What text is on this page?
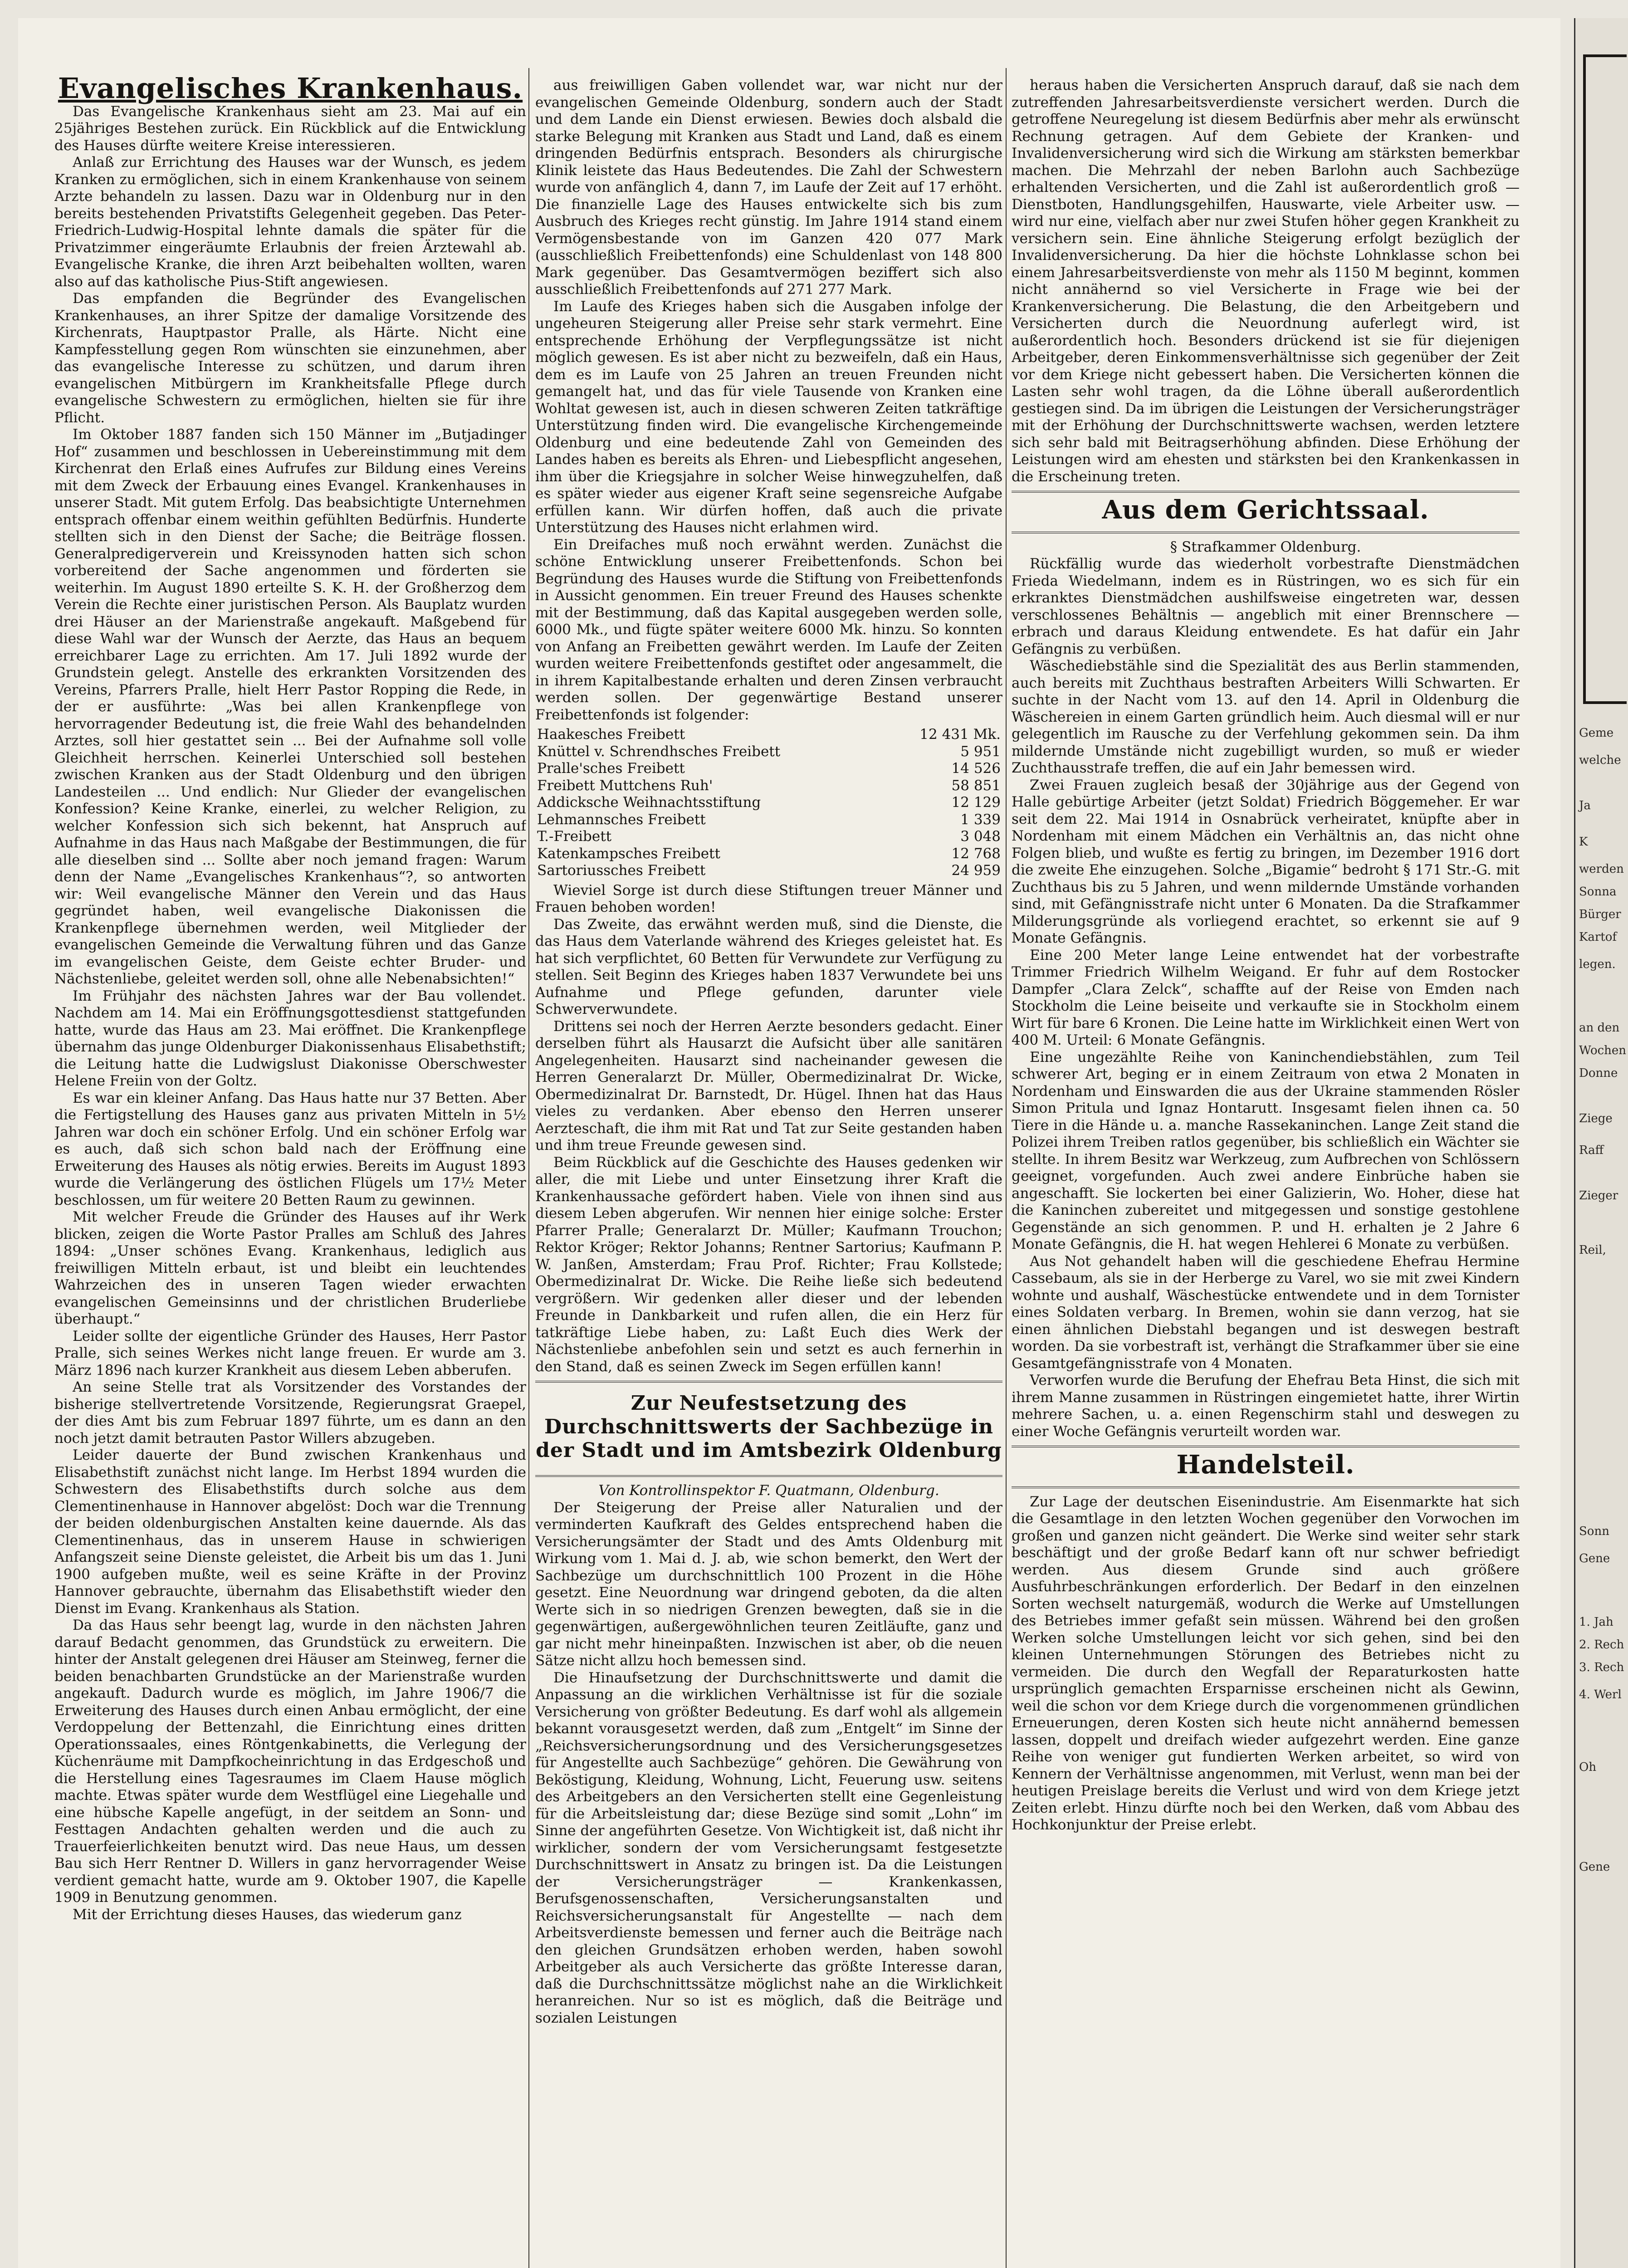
Evangelisches Krankenhaus.

Das Evangelische Krankenhaus sieht am 23. Mai auf ein 25jähriges Bestehen zurück. Ein Rückblick auf die Entwicklung des Hauses dürfte weitere Kreise interessieren.

Anlaß zur Errichtung des Hauses war der Wunsch, es jedem Kranken zu ermöglichen, sich in einem Krankenhause von seinem Arzte behandeln zu lassen. Dazu war in Oldenburg nur in den bereits bestehenden Privatstifts Gelegenheit gegeben. Das Peter-Friedrich-Ludwig-Hospital lehnte damals die später für die Privatzimmer eingeräumte Erlaubnis der freien Ärztewahl ab. Evangelische Kranke, die ihren Arzt beibehalten wollten, waren also auf das katholische Pius-Stift angewiesen.

Das empfanden die Begründer des Evangelischen Krankenhauses, an ihrer Spitze der damalige Vorsitzende des Kirchenrats, Hauptpastor Pralle, als Härte. Nicht eine Kampfesstellung gegen Rom wünschten sie einzunehmen, aber das evangelische Interesse zu schützen, und darum ihren evangelischen Mitbürgern im Krankheitsfalle Pflege durch evangelische Schwestern zu ermöglichen, hielten sie für ihre Pflicht.

Im Oktober 1887 fanden sich 150 Männer im „Butjadinger Hof“ zusammen und beschlossen in Uebereinstimmung mit dem Kirchenrat den Erlaß eines Aufrufes zur Bildung eines Vereins mit dem Zweck der Erbauung eines Evangel. Krankenhauses in unserer Stadt. Mit gutem Erfolg. Das beabsichtigte Unternehmen entsprach offenbar einem weithin gefühlten Bedürfnis. Hunderte stellten sich in den Dienst der Sache; die Beiträge flossen. Generalpredigerverein und Kreissynoden hatten sich schon vorbereitend der Sache angenommen und förderten sie weiterhin. Im August 1890 erteilte S. K. H. der Großherzog dem Verein die Rechte einer juristischen Person. Als Bauplatz wurden drei Häuser an der Marienstraße angekauft. Maßgebend für diese Wahl war der Wunsch der Aerzte, das Haus an bequem erreichbarer Lage zu errichten. Am 17. Juli 1892 wurde der Grundstein gelegt. Anstelle des erkrankten Vorsitzenden des Vereins, Pfarrers Pralle, hielt Herr Pastor Ropping die Rede, in der er ausführte: „Was bei allen Krankenpflege von hervorragender Bedeutung ist, die freie Wahl des behandelnden Arztes, soll hier gestattet sein ... Bei der Aufnahme soll volle Gleichheit herrschen. Keinerlei Unterschied soll bestehen zwischen Kranken aus der Stadt Oldenburg und den übrigen Landesteilen ... Und endlich: Nur Glieder der evangelischen Konfession? Keine Kranke, einerlei, zu welcher Religion, zu welcher Konfession sich sich bekennt, hat Anspruch auf Aufnahme in das Haus nach Maßgabe der Bestimmungen, die für alle dieselben sind ... Sollte aber noch jemand fragen: Warum denn der Name „Evangelisches Krankenhaus“?, so antworten wir: Weil evangelische Männer den Verein und das Haus gegründet haben, weil evangelische Diakonissen die Krankenpflege übernehmen werden, weil Mitglieder der evangelischen Gemeinde die Verwaltung führen und das Ganze im evangelischen Geiste, dem Geiste echter Bruder- und Nächstenliebe, geleitet werden soll, ohne alle Nebenabsichten!“

Im Frühjahr des nächsten Jahres war der Bau vollendet. Nachdem am 14. Mai ein Eröffnungsgottesdienst stattgefunden hatte, wurde das Haus am 23. Mai eröffnet. Die Krankenpflege übernahm das junge Oldenburger Diakonissenhaus Elisabethstift; die Leitung hatte die Ludwigslust Diakonisse Oberschwester Helene Freiin von der Goltz.

Es war ein kleiner Anfang. Das Haus hatte nur 37 Betten. Aber die Fertigstellung des Hauses ganz aus privaten Mitteln in 5½ Jahren war doch ein schöner Erfolg. Und ein schöner Erfolg war es auch, daß sich schon bald nach der Eröffnung eine Erweiterung des Hauses als nötig erwies. Bereits im August 1893 wurde die Verlängerung des östlichen Flügels um 17½ Meter beschlossen, um für weitere 20 Betten Raum zu gewinnen.

Mit welcher Freude die Gründer des Hauses auf ihr Werk blicken, zeigen die Worte Pastor Pralles am Schluß des Jahres 1894: „Unser schönes Evang. Krankenhaus, lediglich aus freiwilligen Mitteln erbaut, ist und bleibt ein leuchtendes Wahrzeichen des in unseren Tagen wieder erwachten evangelischen Gemeinsinns und der christlichen Bruderliebe überhaupt.“

Leider sollte der eigentliche Gründer des Hauses, Herr Pastor Pralle, sich seines Werkes nicht lange freuen. Er wurde am 3. März 1896 nach kurzer Krankheit aus diesem Leben abberufen.

An seine Stelle trat als Vorsitzender des Vorstandes der bisherige stellvertretende Vorsitzende, Regierungsrat Graepel, der dies Amt bis zum Februar 1897 führte, um es dann an den noch jetzt damit betrauten Pastor Willers abzugeben.

Leider dauerte der Bund zwischen Krankenhaus und Elisabethstift zunächst nicht lange. Im Herbst 1894 wurden die Schwestern des Elisabethstifts durch solche aus dem Clementinenhause in Hannover abgelöst: Doch war die Trennung der beiden oldenburgischen Anstalten keine dauernde. Als das Clementinenhaus, das in unserem Hause in schwierigen Anfangszeit seine Dienste geleistet, die Arbeit bis um das 1. Juni 1900 aufgeben mußte, weil es seine Kräfte in der Provinz Hannover gebrauchte, übernahm das Elisabethstift wieder den Dienst im Evang. Krankenhaus als Station.

Da das Haus sehr beengt lag, wurde in den nächsten Jahren darauf Bedacht genommen, das Grundstück zu erweitern. Die hinter der Anstalt gelegenen drei Häuser am Steinweg, ferner die beiden benachbarten Grundstücke an der Marienstraße wurden angekauft. Dadurch wurde es möglich, im Jahre 1906/7 die Erweiterung des Hauses durch einen Anbau ermöglicht, der eine Verdoppelung der Bettenzahl, die Einrichtung eines dritten Operationssaales, eines Röntgenkabinetts, die Verlegung der Küchenräume mit Dampfkocheinrichtung in das Erdgeschoß und die Herstellung eines Tagesraumes im Claem Hause möglich machte. Etwas später wurde dem Westflügel eine Liegehalle und eine hübsche Kapelle angefügt, in der seitdem an Sonn- und Festtagen Andachten gehalten werden und die auch zu Trauerfeierlichkeiten benutzt wird. Das neue Haus, um dessen Bau sich Herr Rentner D. Willers in ganz hervorragender Weise verdient gemacht hatte, wurde am 9. Oktober 1907, die Kapelle 1909 in Benutzung genommen.

Mit der Errichtung dieses Hauses, das wiederum ganz

aus freiwilligen Gaben vollendet war, war nicht nur der evangelischen Gemeinde Oldenburg, sondern auch der Stadt und dem Lande ein Dienst erwiesen. Bewies doch alsbald die starke Belegung mit Kranken aus Stadt und Land, daß es einem dringenden Bedürfnis entsprach. Besonders als chirurgische Klinik leistete das Haus Bedeutendes. Die Zahl der Schwestern wurde von anfänglich 4, dann 7, im Laufe der Zeit auf 17 erhöht. Die finanzielle Lage des Hauses entwickelte sich bis zum Ausbruch des Krieges recht günstig. Im Jahre 1914 stand einem Vermögensbestande von im Ganzen 420 077 Mark (ausschließlich Freibettenfonds) eine Schuldenlast von 148 800 Mark gegenüber. Das Gesamtvermögen beziffert sich also ausschließlich Freibettenfonds auf 271 277 Mark.

Im Laufe des Krieges haben sich die Ausgaben infolge der ungeheuren Steigerung aller Preise sehr stark vermehrt. Eine entsprechende Erhöhung der Verpflegungssätze ist nicht möglich gewesen. Es ist aber nicht zu bezweifeln, daß ein Haus, dem es im Laufe von 25 Jahren an treuen Freunden nicht gemangelt hat, und das für viele Tausende von Kranken eine Wohltat gewesen ist, auch in diesen schweren Zeiten tatkräftige Unterstützung finden wird. Die evangelische Kirchengemeinde Oldenburg und eine bedeutende Zahl von Gemeinden des Landes haben es bereits als Ehren- und Liebespflicht angesehen, ihm über die Kriegsjahre in solcher Weise hinwegzuhelfen, daß es später wieder aus eigener Kraft seine segensreiche Aufgabe erfüllen kann. Wir dürfen hoffen, daß auch die private Unterstützung des Hauses nicht erlahmen wird.

Ein Dreifaches muß noch erwähnt werden. Zunächst die schöne Entwicklung unserer Freibettenfonds. Schon bei Begründung des Hauses wurde die Stiftung von Freibettenfonds in Aussicht genommen. Ein treuer Freund des Hauses schenkte mit der Bestimmung, daß das Kapital ausgegeben werden solle, 6000 Mk., und fügte später weitere 6000 Mk. hinzu. So konnten von Anfang an Freibetten gewährt werden. Im Laufe der Zeiten wurden weitere Freibettenfonds gestiftet oder angesammelt, die in ihrem Kapitalbestande erhalten und deren Zinsen verbraucht werden sollen. Der gegenwärtige Bestand unserer Freibettenfonds ist folgender:

Haakesches Freibett	12 431 Mk.
Knüttel v. Schrendhsches Freibett	5 951
Pralle'sches Freibett	14 526
Freibett Muttchens Ruh'	58 851
Addicksche Weihnachtsstiftung	12 129
Lehmannsches Freibett	1 339
T.-Freibett	3 048
Katenkampsches Freibett	12 768
Sartoriussches Freibett	24 959

Wieviel Sorge ist durch diese Stiftungen treuer Männer und Frauen behoben worden!

Das Zweite, das erwähnt werden muß, sind die Dienste, die das Haus dem Vaterlande während des Krieges geleistet hat. Es hat sich verpflichtet, 60 Betten für Verwundete zur Verfügung zu stellen. Seit Beginn des Krieges haben 1837 Verwundete bei uns Aufnahme und Pflege gefunden, darunter viele Schwerverwundete.

Drittens sei noch der Herren Aerzte besonders gedacht. Einer derselben führt als Hausarzt die Aufsicht über alle sanitären Angelegenheiten. Hausarzt sind nacheinander gewesen die Herren Generalarzt Dr. Müller, Obermedizinalrat Dr. Wicke, Obermedizinalrat Dr. Barnstedt, Dr. Hügel. Ihnen hat das Haus vieles zu verdanken. Aber ebenso den Herren unserer Aerzteschaft, die ihm mit Rat und Tat zur Seite gestanden haben und ihm treue Freunde gewesen sind.

Beim Rückblick auf die Geschichte des Hauses gedenken wir aller, die mit Liebe und unter Einsetzung ihrer Kraft die Krankenhaussache gefördert haben. Viele von ihnen sind aus diesem Leben abgerufen. Wir nennen hier einige solche: Erster Pfarrer Pralle; Generalarzt Dr. Müller; Kaufmann Trouchon; Rektor Kröger; Rektor Johanns; Rentner Sartorius; Kaufmann P. W. Janßen, Amsterdam; Frau Prof. Richter; Frau Kollstede; Obermedizinalrat Dr. Wicke. Die Reihe ließe sich bedeutend vergrößern. Wir gedenken aller dieser und der lebenden Freunde in Dankbarkeit und rufen allen, die ein Herz für tatkräftige Liebe haben, zu: Laßt Euch dies Werk der Nächstenliebe anbefohlen sein und setzt es auch fernerhin in den Stand, daß es seinen Zweck im Segen erfüllen kann!

Zur Neufestsetzung des Durchschnittswerts der Sachbezüge in der Stadt und im Amtsbezirk Oldenburg

Von Kontrollinspektor F. Quatmann, Oldenburg.

Der Steigerung der Preise aller Naturalien und der verminderten Kaufkraft des Geldes entsprechend haben die Versicherungsämter der Stadt und des Amts Oldenburg mit Wirkung vom 1. Mai d. J. ab, wie schon bemerkt, den Wert der Sachbezüge um durchschnittlich 100 Prozent in die Höhe gesetzt. Eine Neuordnung war dringend geboten, da die alten Werte sich in so niedrigen Grenzen bewegten, daß sie in die gegenwärtigen, außergewöhnlichen teuren Zeitläufte, ganz und gar nicht mehr hineinpaßten. Inzwischen ist aber, ob die neuen Sätze nicht allzu hoch bemessen sind.

Die Hinaufsetzung der Durchschnittswerte und damit die Anpassung an die wirklichen Verhältnisse ist für die soziale Versicherung von größter Bedeutung. Es darf wohl als allgemein bekannt vorausgesetzt werden, daß zum „Entgelt“ im Sinne der „Reichsversicherungsordnung und des Versicherungsgesetzes für Angestellte auch Sachbezüge“ gehören. Die Gewährung von Beköstigung, Kleidung, Wohnung, Licht, Feuerung usw. seitens des Arbeitgebers an den Versicherten stellt eine Gegenleistung für die Arbeitsleistung dar; diese Bezüge sind somit „Lohn“ im Sinne der angeführten Gesetze. Von Wichtigkeit ist, daß nicht ihr wirklicher, sondern der vom Versicherungsamt festgesetzte Durchschnittswert in Ansatz zu bringen ist. Da die Leistungen der Versicherungsträger — Krankenkassen, Berufsgenossenschaften, Versicherungsanstalten und Reichsversicherungsanstalt für Angestellte — nach dem Arbeitsverdienste bemessen und ferner auch die Beiträge nach den gleichen Grundsätzen erhoben werden, haben sowohl Arbeitgeber als auch Versicherte das größte Interesse daran, daß die Durchschnittssätze möglichst nahe an die Wirklichkeit heranreichen. Nur so ist es möglich, daß die Beiträge und sozialen Leistungen

heraus haben die Versicherten Anspruch darauf, daß sie nach dem zutreffenden Jahresarbeitsverdienste versichert werden. Durch die getroffene Neuregelung ist diesem Bedürfnis aber mehr als erwünscht Rechnung getragen. Auf dem Gebiete der Kranken- und Invalidenversicherung wird sich die Wirkung am stärksten bemerkbar machen. Die Mehrzahl der neben Barlohn auch Sachbezüge erhaltenden Versicherten, und die Zahl ist außerordentlich groß — Dienstboten, Handlungsgehilfen, Hauswarte, viele Arbeiter usw. — wird nur eine, vielfach aber nur zwei Stufen höher gegen Krankheit zu versichern sein. Eine ähnliche Steigerung erfolgt bezüglich der Invalidenversicherung. Da hier die höchste Lohnklasse schon bei einem Jahresarbeitsverdienste von mehr als 1150 M beginnt, kommen nicht annähernd so viel Versicherte in Frage wie bei der Krankenversicherung. Die Belastung, die den Arbeitgebern und Versicherten durch die Neuordnung auferlegt wird, ist außerordentlich hoch. Besonders drückend ist sie für diejenigen Arbeitgeber, deren Einkommensverhältnisse sich gegenüber der Zeit vor dem Kriege nicht gebessert haben. Die Versicherten können die Lasten sehr wohl tragen, da die Löhne überall außerordentlich gestiegen sind. Da im übrigen die Leistungen der Versicherungsträger mit der Erhöhung der Durchschnittswerte wachsen, werden letztere sich sehr bald mit Beitragserhöhung abfinden. Diese Erhöhung der Leistungen wird am ehesten und stärksten bei den Krankenkassen in die Erscheinung treten.

Aus dem Gerichtssaal.

§ Strafkammer Oldenburg.

Rückfällig wurde das wiederholt vorbestrafte Dienstmädchen Frieda Wiedelmann, indem es in Rüstringen, wo es sich für ein erkranktes Dienstmädchen aushilfsweise eingetreten war, dessen verschlossenes Behältnis — angeblich mit einer Brennschere — erbrach und daraus Kleidung entwendete. Es hat dafür ein Jahr Gefängnis zu verbüßen.

Wäschediebstähle sind die Spezialität des aus Berlin stammenden, auch bereits mit Zuchthaus bestraften Arbeiters Willi Schwarten. Er suchte in der Nacht vom 13. auf den 14. April in Oldenburg die Wäschereien in einem Garten gründlich heim. Auch diesmal will er nur gelegentlich im Rausche zu der Verfehlung gekommen sein. Da ihm mildernde Umstände nicht zugebilligt wurden, so muß er wieder Zuchthausstrafe treffen, die auf ein Jahr bemessen wird.

Zwei Frauen zugleich besaß der 30jährige aus der Gegend von Halle gebürtige Arbeiter (jetzt Soldat) Friedrich Böggemeher. Er war seit dem 22. Mai 1914 in Osnabrück verheiratet, knüpfte aber in Nordenham mit einem Mädchen ein Verhältnis an, das nicht ohne Folgen blieb, und wußte es fertig zu bringen, im Dezember 1916 dort die zweite Ehe einzugehen. Solche „Bigamie“ bedroht § 171 Str.-G. mit Zuchthaus bis zu 5 Jahren, und wenn mildernde Umstände vorhanden sind, mit Gefängnisstrafe nicht unter 6 Monaten. Da die Strafkammer Milderungsgründe als vorliegend erachtet, so erkennt sie auf 9 Monate Gefängnis.

Eine 200 Meter lange Leine entwendet hat der vorbestrafte Trimmer Friedrich Wilhelm Weigand. Er fuhr auf dem Rostocker Dampfer „Clara Zelck“, schaffte auf der Reise von Emden nach Stockholm die Leine beiseite und verkaufte sie in Stockholm einem Wirt für bare 6 Kronen. Die Leine hatte im Wirklichkeit einen Wert von 400 M. Urteil: 6 Monate Gefängnis.

Eine ungezählte Reihe von Kaninchendiebstählen, zum Teil schwerer Art, beging er in einem Zeitraum von etwa 2 Monaten in Nordenham und Einswarden die aus der Ukraine stammenden Rösler Simon Pritula und Ignaz Hontarutt. Insgesamt fielen ihnen ca. 50 Tiere in die Hände u. a. manche Rassekaninchen. Lange Zeit stand die Polizei ihrem Treiben ratlos gegenüber, bis schließlich ein Wächter sie stellte. In ihrem Besitz war Werkzeug, zum Aufbrechen von Schlössern geeignet, vorgefunden. Auch zwei andere Einbrüche haben sie angeschafft. Sie lockerten bei einer Galizierin, Wo. Hoher, diese hat die Kaninchen zubereitet und mitgegessen und sonstige gestohlene Gegenstände an sich genommen. P. und H. erhalten je 2 Jahre 6 Monate Gefängnis, die H. hat wegen Hehlerei 6 Monate zu verbüßen.

Aus Not gehandelt haben will die geschiedene Ehefrau Hermine Cassebaum, als sie in der Herberge zu Varel, wo sie mit zwei Kindern wohnte und aushalf, Wäschestücke entwendete und in dem Tornister eines Soldaten verbarg. In Bremen, wohin sie dann verzog, hat sie einen ähnlichen Diebstahl begangen und ist deswegen bestraft worden. Da sie vorbestraft ist, verhängt die Strafkammer über sie eine Gesamtgefängnisstrafe von 4 Monaten.

Verworfen wurde die Berufung der Ehefrau Beta Hinst, die sich mit ihrem Manne zusammen in Rüstringen eingemietet hatte, ihrer Wirtin mehrere Sachen, u. a. einen Regenschirm stahl und deswegen zu einer Woche Gefängnis verurteilt worden war.

Handelsteil.

Zur Lage der deutschen Eisenindustrie. Am Eisenmarkte hat sich die Gesamtlage in den letzten Wochen gegenüber den Vorwochen im großen und ganzen nicht geändert. Die Werke sind weiter sehr stark beschäftigt und der große Bedarf kann oft nur schwer befriedigt werden. Aus diesem Grunde sind auch größere Ausfuhrbeschränkungen erforderlich. Der Bedarf in den einzelnen Sorten wechselt naturgemäß, wodurch die Werke auf Umstellungen des Betriebes immer gefaßt sein müssen. Während bei den großen Werken solche Umstellungen leicht vor sich gehen, sind bei den kleinen Unternehmungen Störungen des Betriebes nicht zu vermeiden. Die durch den Wegfall der Reparaturkosten hatte ursprünglich gemachten Ersparnisse erscheinen nicht als Gewinn, weil die schon vor dem Kriege durch die vorgenommenen gründlichen Erneuerungen, deren Kosten sich heute nicht annähernd bemessen lassen, doppelt und dreifach wieder aufgezehrt werden. Eine ganze Reihe von weniger gut fundierten Werken arbeitet, so wird von Kennern der Verhältnisse angenommen, mit Verlust, wenn man bei der heutigen Preislage bereits die Verlust und wird von dem Kriege jetzt Zeiten erlebt. Hinzu dürfte noch bei den Werken, daß vom Abbau des Hochkonjunktur der Preise erlebt.

Geme
welche
Ja
K
werden
Sonna
Bürger
Kartof
legen.
an den
Wochen
Donne
Ziege
Raff
Zieger
Reil,
Sonn
Gene
1. Jah
2. Rech
3. Rech
4. Werl
Oh
Gene
